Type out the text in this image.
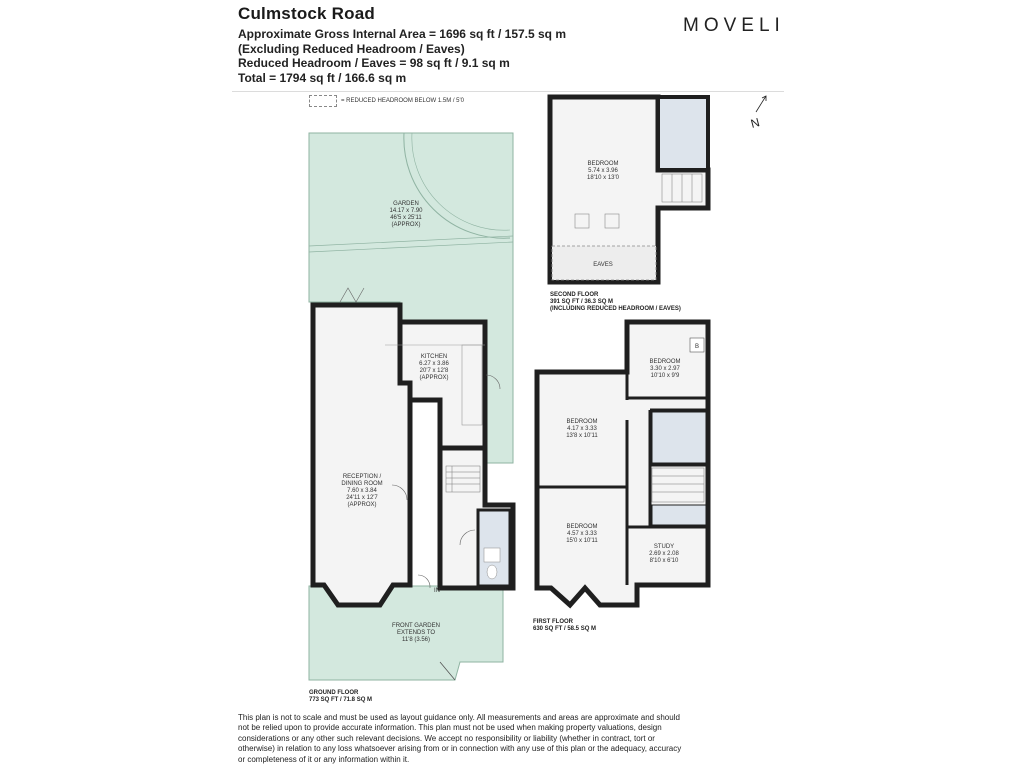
Culmstock Road
Approximate Gross Internal Area = 1696 sq ft / 157.5 sq m
(Excluding Reduced Headroom / Eaves)
Reduced Headroom / Eaves = 98 sq ft / 9.1 sq m
Total = 1794 sq ft / 166.6 sq m
MOVELI
= REDUCED HEADROOM BELOW 1.5M / 5'0
GARDEN
14.17 x 7.90
46'5 x 25'11
(APPROX)
KITCHEN
6.27 x 3.86
20'7 x 12'8
(APPROX)
RECEPTION /
DINING ROOM
7.60 x 3.84
24'11 x 12'7
(APPROX)
IN
FRONT GARDEN
EXTENDS TO
11'8 (3.56)
GROUND FLOOR
773 SQ FT / 71.8 SQ M
BEDROOM
5.74 x 3.96
18'10 x 13'0
EAVES
SECOND FLOOR
391 SQ FT / 36.3 SQ M
(INCLUDING REDUCED HEADROOM / EAVES)
B
BEDROOM
4.17 x 3.33
13'8 x 10'11
BEDROOM
4.57 x 3.33
15'0 x 10'11
BEDROOM
3.30 x 2.97
10'10 x 9'9
STUDY
2.69 x 2.08
8'10 x 6'10
FIRST FLOOR
630 SQ FT / 58.5 SQ M
N
This plan is not to scale and must be used as layout guidance only. All measurements and areas are approximate and should not be relied upon to provide accurate information. This plan must not be used when making property valuations, design considerations or any other such relevant decisions. We accept no responsibility or liability (whether in contract, tort or otherwise) in relation to any loss whatsoever arising from or in connection with any use of this plan or the adequacy, accuracy or completeness of it or any information within it.
